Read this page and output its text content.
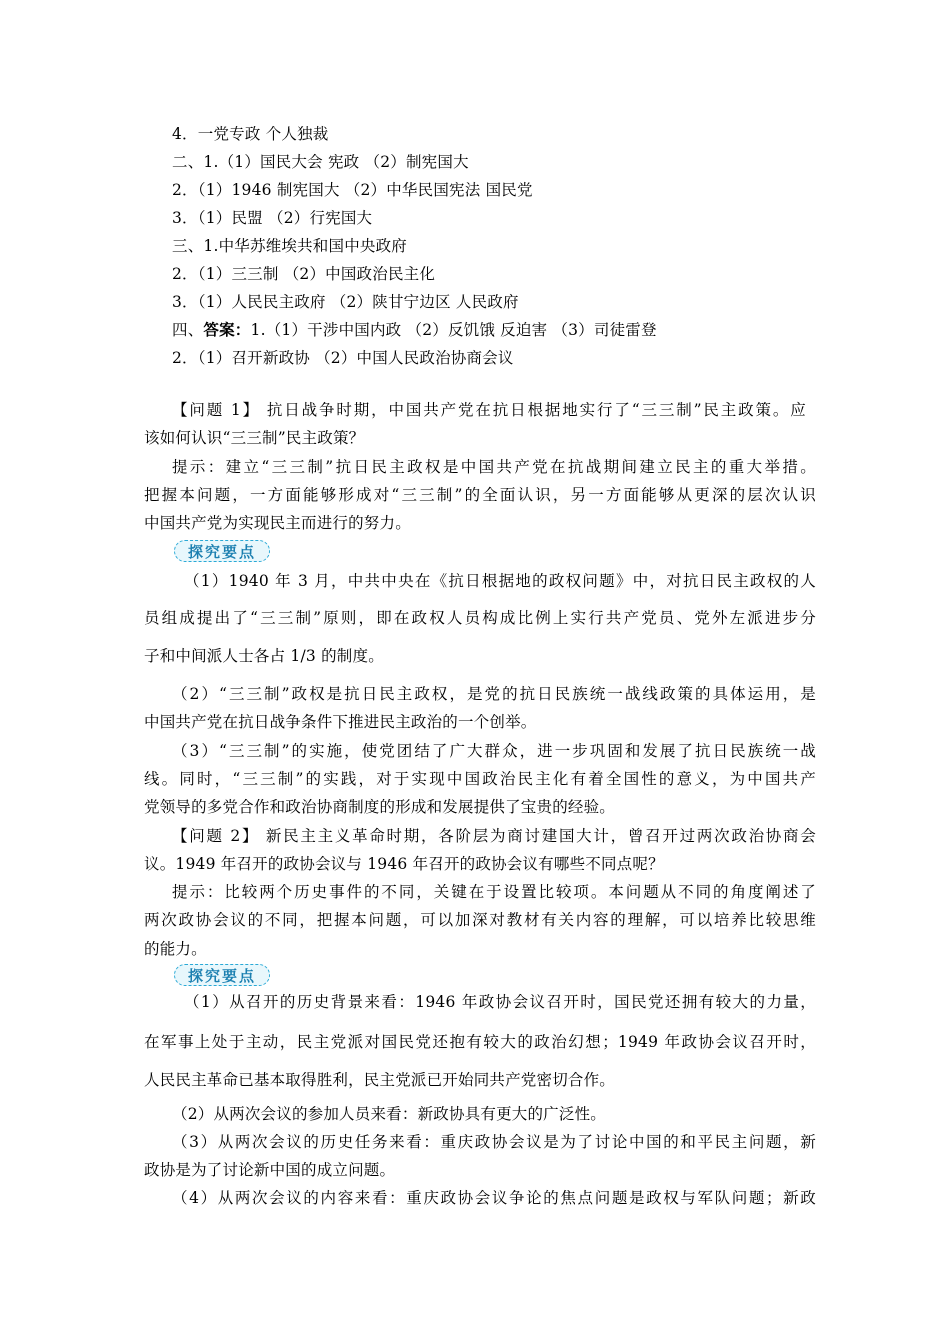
4．一党专政 个人独裁
二、1.（1）国民大会 宪政 （2）制宪国大
2．（1）1946 制宪国大 （2）中华民国宪法 国民党
3．（1）民盟 （2）行宪国大
三、1.中华苏维埃共和国中央政府
2．（1）三三制 （2）中国政治民主化
3．（1）人民民主政府 （2）陕甘宁边区 人民政府
四、答案：1.（1）干涉中国内政 （2）反饥饿 反迫害 （3）司徒雷登
2．（1）召开新政协 （2）中国人民政治协商会议
【问题 1】 抗日战争时期，中国共产党在抗日根据地实行了“三三制”民主政策。应
该如何认识“三三制”民主政策？
提示：建立“三三制”抗日民主政权是中国共产党在抗战期间建立民主的重大举措。
把握本问题，一方面能够形成对“三三制”的全面认识，另一方面能够从更深的层次认识
中国共产党为实现民主而进行的努力。
探究要点
（1）1940 年 3 月，中共中央在《抗日根据地的政权问题》中，对抗日民主政权的人
员组成提出了“三三制”原则，即在政权人员构成比例上实行共产党员、党外左派进步分
子和中间派人士各占 1/3 的制度。
（2）“三三制”政权是抗日民主政权，是党的抗日民族统一战线政策的具体运用，是
中国共产党在抗日战争条件下推进民主政治的一个创举。
（3）“三三制”的实施，使党团结了广大群众，进一步巩固和发展了抗日民族统一战
线。同时，“三三制”的实践，对于实现中国政治民主化有着全国性的意义，为中国共产
党领导的多党合作和政治协商制度的形成和发展提供了宝贵的经验。
【问题 2】 新民主主义革命时期，各阶层为商讨建国大计，曾召开过两次政治协商会
议。1949 年召开的政协会议与 1946 年召开的政协会议有哪些不同点呢？
提示：比较两个历史事件的不同，关键在于设置比较项。本问题从不同的角度阐述了
两次政协会议的不同，把握本问题，可以加深对教材有关内容的理解，可以培养比较思维
的能力。
探究要点
（1）从召开的历史背景来看：1946 年政协会议召开时，国民党还拥有较大的力量，
在军事上处于主动，民主党派对国民党还抱有较大的政治幻想；1949 年政协会议召开时，
人民民主革命已基本取得胜利，民主党派已开始同共产党密切合作。
（2）从两次会议的参加人员来看：新政协具有更大的广泛性。
（3）从两次会议的历史任务来看：重庆政协会议是为了讨论中国的和平民主问题，新
政协是为了讨论新中国的成立问题。
（4）从两次会议的内容来看：重庆政协会议争论的焦点问题是政权与军队问题；新政
